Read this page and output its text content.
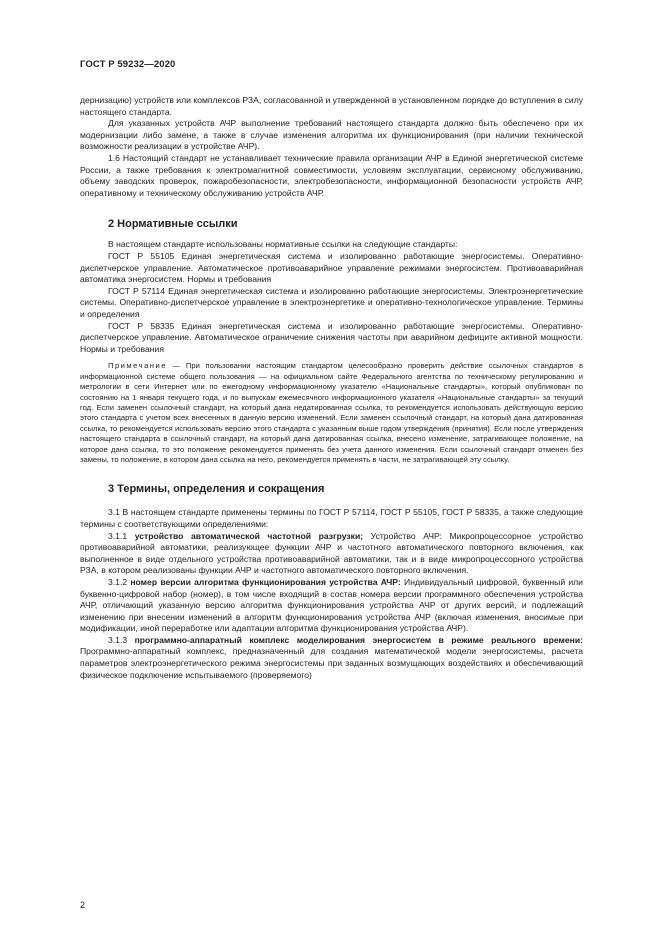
ГОСТ Р 59232—2020

дернизацию) устройств или комплексов РЗА, согласованной и утвержденной в установленном порядке до вступления в силу настоящего стандарта.

Для указанных устройств АЧР выполнение требований настоящего стандарта должно быть обеспечено при их модернизации либо замене, а также в случае изменения алгоритма их функционирования (при наличии технической возможности реализации в устройстве АЧР).

1.6 Настоящий стандарт не устанавливает технические правила организации АЧР в Единой энергетической системе России, а также требования к электромагнитной совместимости, условиям эксплуатации, сервисному обслуживанию, объему заводских проверок, пожаробезопасности, электробезопасности, информационной безопасности устройств АЧР, оперативному и техническому обслуживанию устройств АЧР.

2 Нормативные ссылки

В настоящем стандарте использованы нормативные ссылки на следующие стандарты:

ГОСТ Р 55105 Единая энергетическая система и изолированно работающие энергосистемы. Оперативно-диспетчерское управление. Автоматическое противоаварийное управление режимами энергосистем. Противоаварийная автоматика энергосистем. Нормы и требования

ГОСТ Р 57114 Единая энергетическая система и изолированно работающие энергосистемы. Электроэнергетические системы. Оперативно-диспетчерское управление в электроэнергетике и оперативно-технологическое управление. Термины и определения

ГОСТ Р 58335 Единая энергетическая система и изолированно работающие энергосистемы. Оперативно-диспетчерское управление. Автоматическое ограничение снижения частоты при аварийном дефиците активной мощности. Нормы и требования

Примечание — При пользовании настоящим стандартом целесообразно проверить действие ссылочных стандартов в информационной системе общего пользования — на официальном сайте Федерального агентства по техническому регулированию и метрологии в сети Интернет или по ежегодному информационному указателю «Национальные стандарты», который опубликован по состоянию на 1 января текущего года, и по выпускам ежемесячного информационного указателя «Национальные стандарты» за текущий год. Если заменен ссылочный стандарт, на который дана недатированная ссылка, то рекомендуется использовать действующую версию этого стандарта с учетом всех внесенных в данную версию изменений. Если заменен ссылочный стандарт, на который дана датированная ссылка, то рекомендуется использовать версию этого стандарта с указанным выше годом утверждения (принятия). Если после утверждения настоящего стандарта в ссылочный стандарт, на который дана датированная ссылка, внесено изменение, затрагивающее положение, на которое дана ссылка, то это положение рекомендуется применять без учета данного изменения. Если ссылочный стандарт отменен без замены, то положение, в котором дана ссылка на него, рекомендуется применять в части, не затрагивающей эту ссылку.

3 Термины, определения и сокращения

3.1 В настоящем стандарте применены термины по ГОСТ Р 57114, ГОСТ Р 55105, ГОСТ Р 58335, а также следующие термины с соответствующими определениями:

3.1.1 устройство автоматической частотной разгрузки; Устройство АЧР: Микропроцессорное устройство противоаварийной автоматики, реализующее функции АЧР и частотного автоматического повторного включения, как выполненное в виде отдельного устройства противоаварийной автоматики, так и в виде микропроцессорного устройства РЗА, в котором реализованы функции АЧР и частотного автоматического повторного включения.

3.1.2 номер версии алгоритма функционирования устройства АЧР: Индивидуальный цифровой, буквенный или буквенно-цифровой набор (номер), в том числе входящий в состав номера версии программного обеспечения устройства АЧР, отличающий указанную версию алгоритма функционирования устройства АЧР от других версий, и подлежащий изменению при внесении изменений в алгоритм функционирования устройства АЧР (включая изменения, вносимые при модификации, иной переработке или адаптации алгоритма функционирования устройства АЧР).

3.1.3 программно-аппаратный комплекс моделирования энергосистем в режиме реального времени: Программно-аппаратный комплекс, предназначенный для создания математической модели энергосистемы, расчета параметров электроэнергетического режима энергосистемы при заданных возмущающих воздействиях и обеспечивающий физическое подключение испытываемого (проверяемого)

2
